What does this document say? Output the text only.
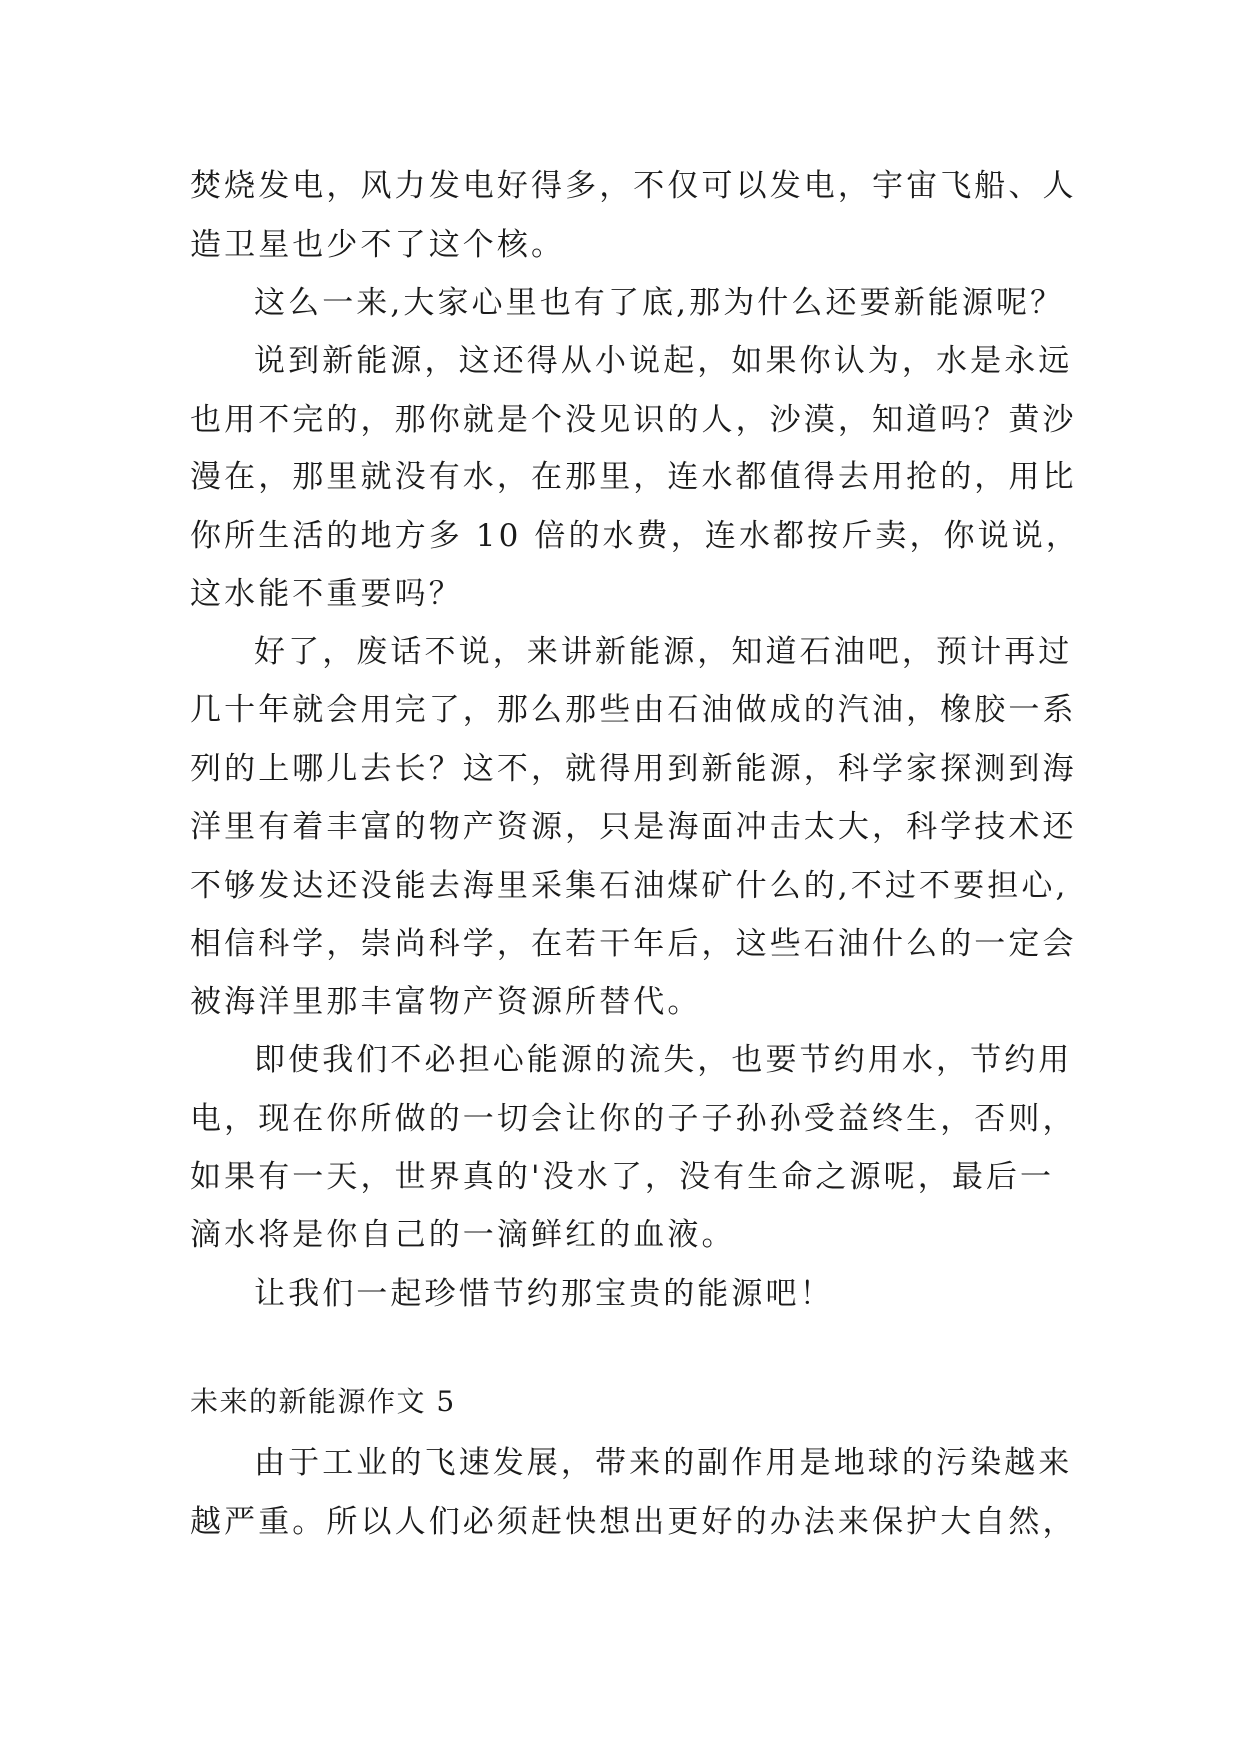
焚烧发电，风力发电好得多，不仅可以发电，宇宙飞船、人
造卫星也少不了这个核。
这么一来,大家心里也有了底,那为什么还要新能源呢？
说到新能源，这还得从小说起，如果你认为，水是永远
也用不完的，那你就是个没见识的人，沙漠，知道吗？黄沙
漫在，那里就没有水，在那里，连水都值得去用抢的，用比
你所生活的地方多 10 倍的水费，连水都按斤卖，你说说，
这水能不重要吗？
好了，废话不说，来讲新能源，知道石油吧，预计再过
几十年就会用完了，那么那些由石油做成的汽油，橡胶一系
列的上哪儿去长？这不，就得用到新能源，科学家探测到海
洋里有着丰富的物产资源，只是海面冲击太大，科学技术还
不够发达还没能去海里采集石油煤矿什么的,不过不要担心,
相信科学，崇尚科学，在若干年后，这些石油什么的一定会
被海洋里那丰富物产资源所替代。
即使我们不必担心能源的流失，也要节约用水，节约用
电，现在你所做的一切会让你的子子孙孙受益终生，否则，
如果有一天，世界真的'没水了，没有生命之源呢，最后一
滴水将是你自己的一滴鲜红的血液。
让我们一起珍惜节约那宝贵的能源吧！
未来的新能源作文 5
由于工业的飞速发展，带来的副作用是地球的污染越来
越严重。所以人们必须赶快想出更好的办法来保护大自然，
